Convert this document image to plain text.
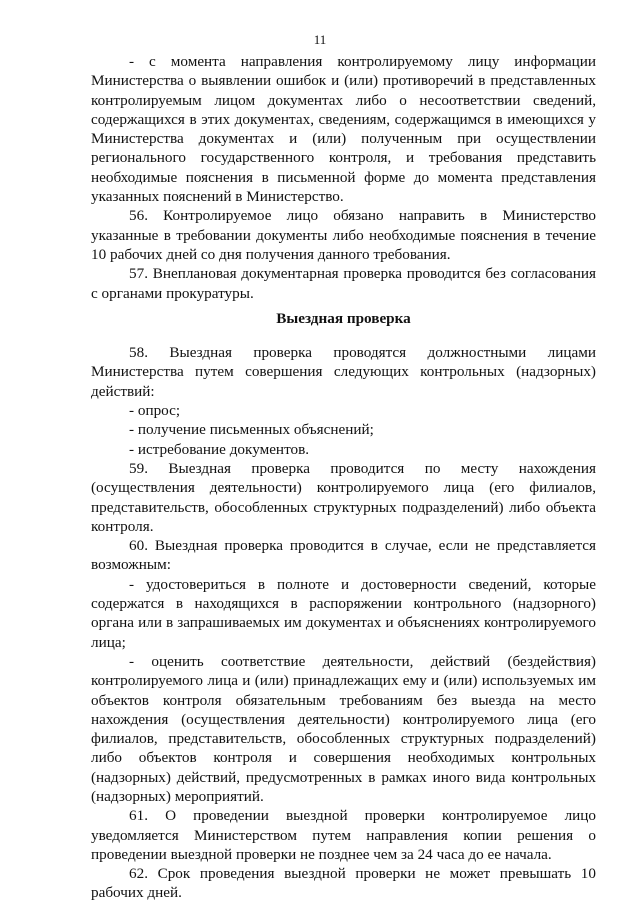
11

- с момента направления контролируемому лицу информации Министерства о выявлении ошибок и (или) противоречий в представленных контролируемым лицом документах либо о несоответствии сведений, содержащихся в этих документах, сведениям, содержащимся в имеющихся у Министерства документах и (или) полученным при осуществлении регионального государственного контроля, и требования представить необходимые пояснения в письменной форме до момента представления указанных пояснений в Министерство.

56. Контролируемое лицо обязано направить в Министерство указанные в требовании документы либо необходимые пояснения в течение 10 рабочих дней со дня получения данного требования.

57. Внеплановая документарная проверка проводится без согласования с органами прокуратуры.

Выездная проверка

58. Выездная проверка проводятся должностными лицами Министерства путем совершения следующих контрольных (надзорных) действий:

- опрос;

- получение письменных объяснений;

- истребование документов.

59. Выездная проверка проводится по месту нахождения (осуществления деятельности) контролируемого лица (его филиалов, представительств, обособленных структурных подразделений) либо объекта контроля.

60. Выездная проверка проводится в случае, если не представляется возможным:

- удостовериться в полноте и достоверности сведений, которые содержатся в находящихся в распоряжении контрольного (надзорного) органа или в запрашиваемых им документах и объяснениях контролируемого лица;

- оценить соответствие деятельности, действий (бездействия) контролируемого лица и (или) принадлежащих ему и (или) используемых им объектов контроля обязательным требованиям без выезда на место нахождения (осуществления деятельности) контролируемого лица (его филиалов, представительств, обособленных структурных подразделений) либо объектов контроля и совершения необходимых контрольных (надзорных) действий, предусмотренных в рамках иного вида контрольных (надзорных) мероприятий.

61. О проведении выездной проверки контролируемое лицо уведомляется Министерством путем направления копии решения о проведении выездной проверки не позднее чем за 24 часа до ее начала.

62. Срок проведения выездной проверки не может превышать 10 рабочих дней.
